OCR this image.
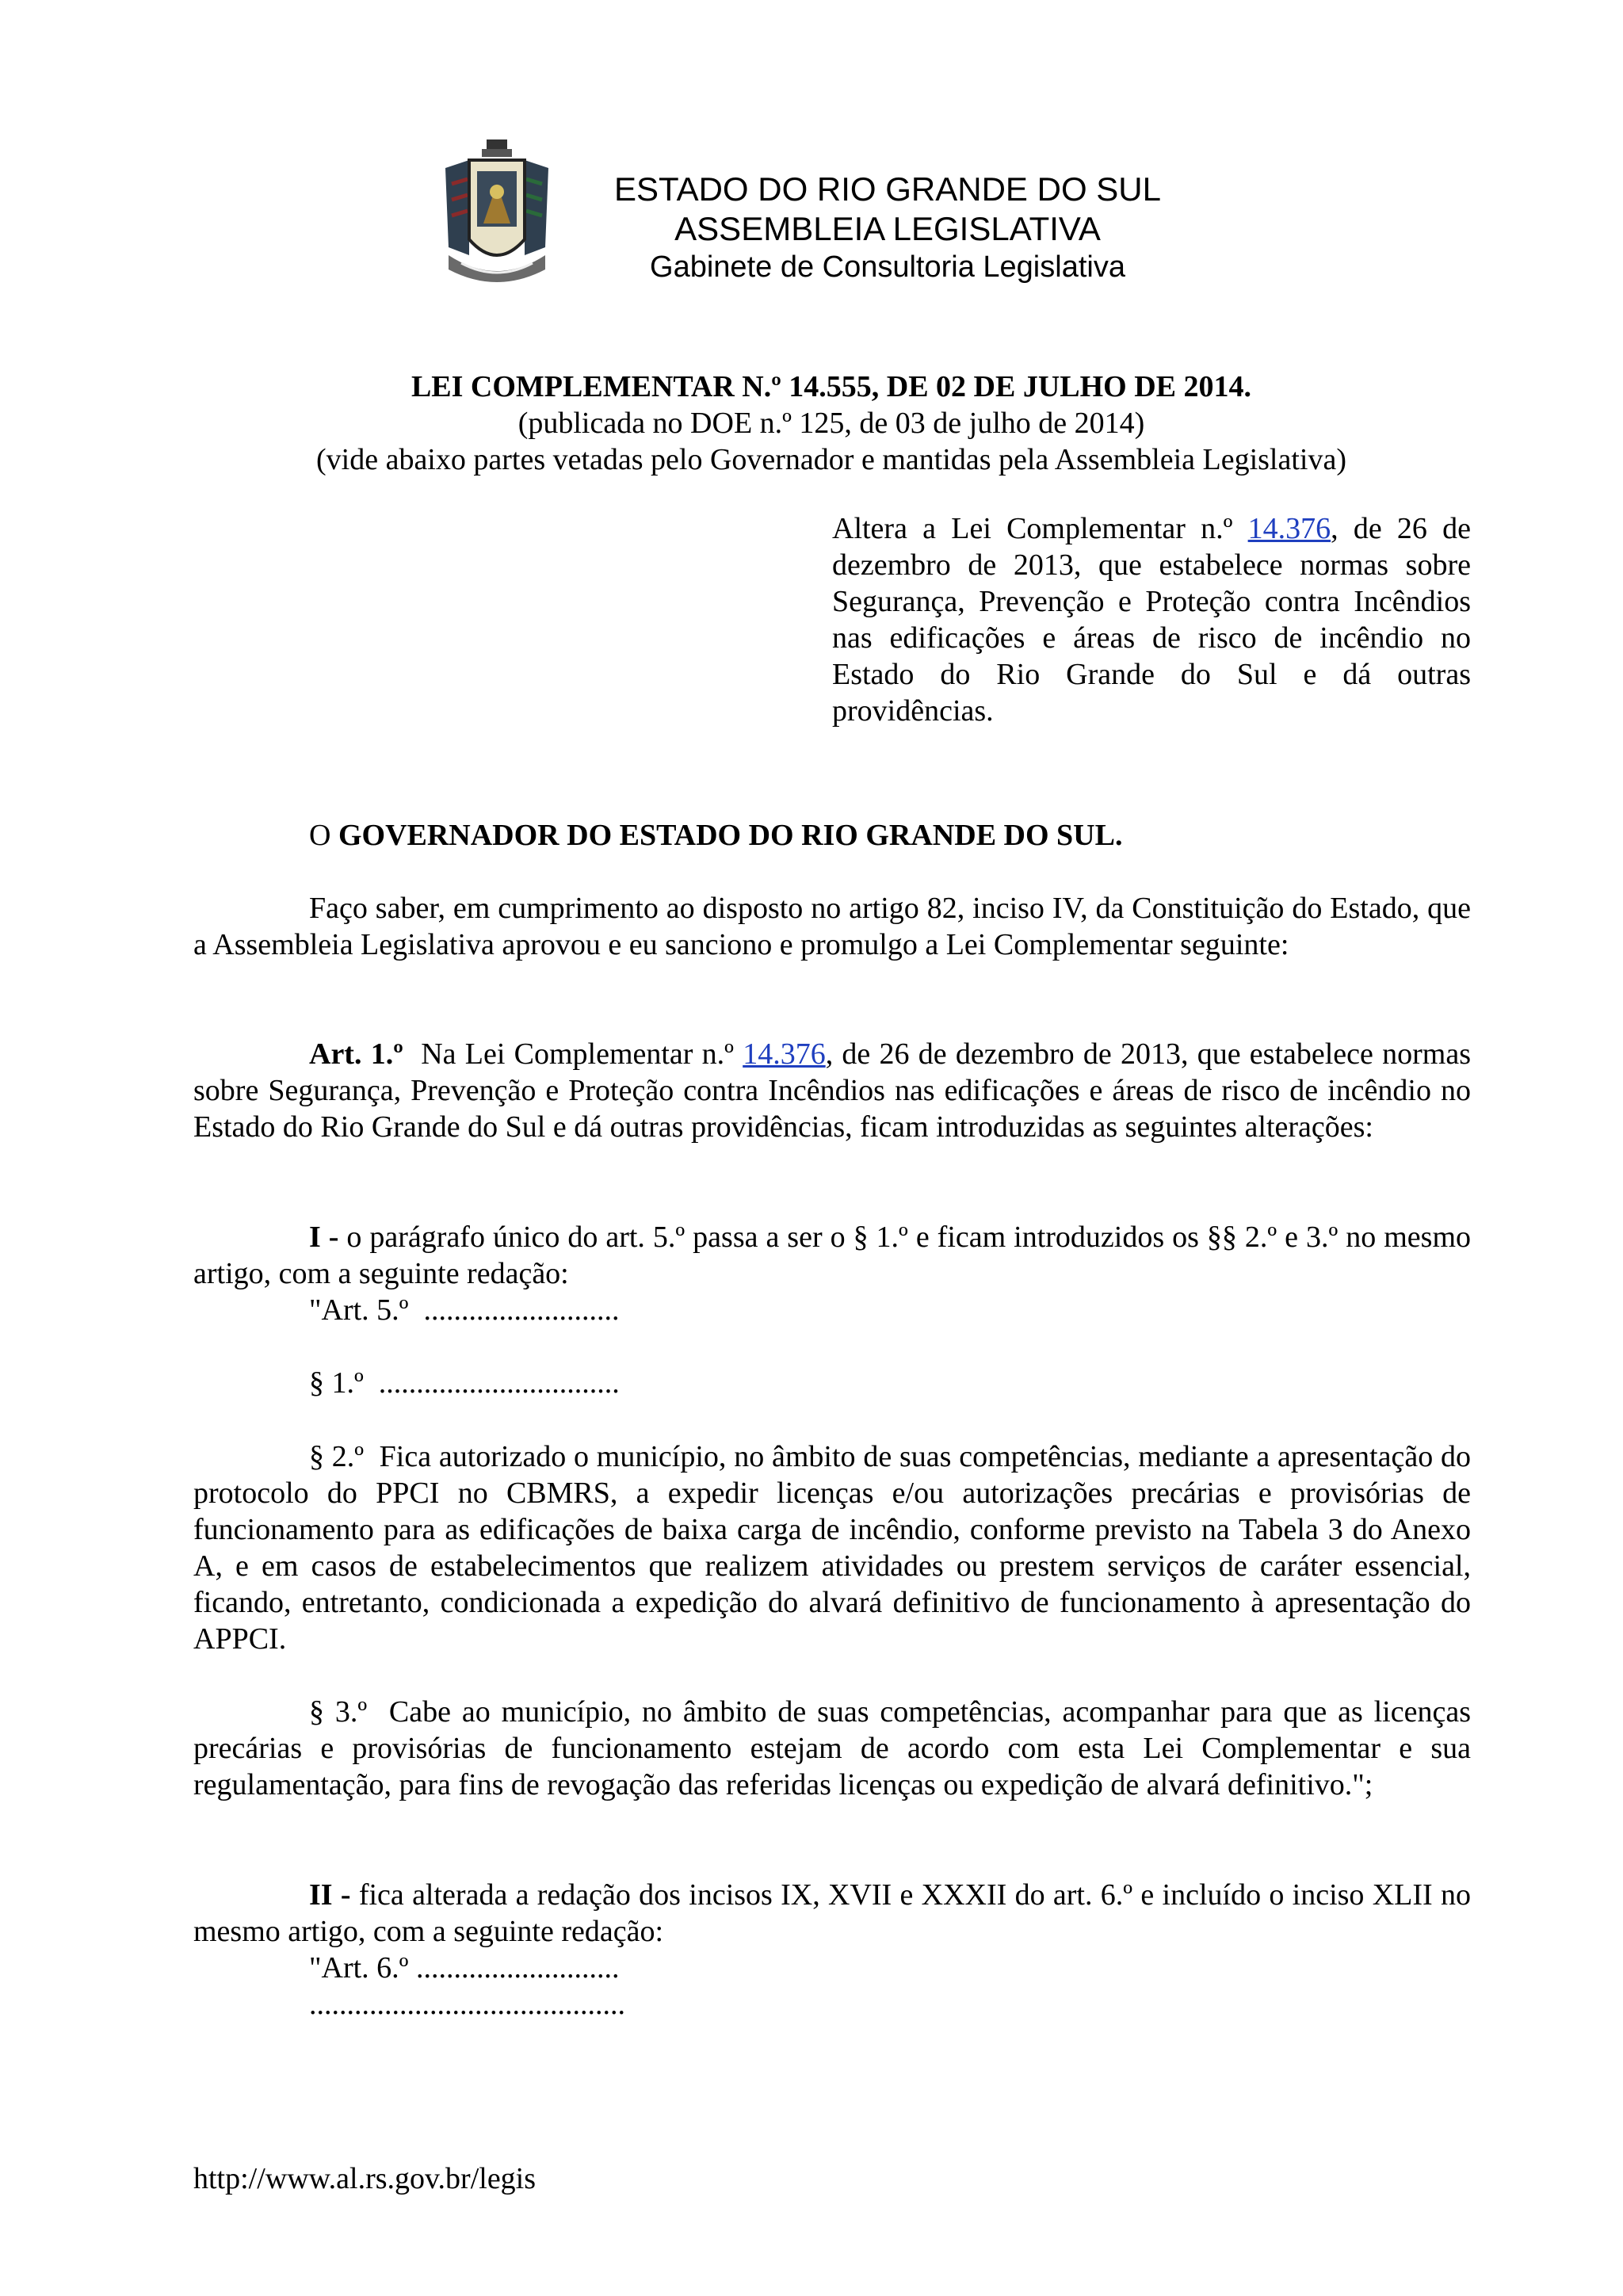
ESTADO DO RIO GRANDE DO SUL
ASSEMBLEIA LEGISLATIVA
Gabinete de Consultoria Legislativa
LEI COMPLEMENTAR N.º 14.555, DE 02 DE JULHO DE 2014.
(publicada no DOE n.º 125, de 03 de julho de 2014)
(vide abaixo partes vetadas pelo Governador e mantidas pela Assembleia Legislativa)
Altera a Lei Complementar n.º 14.376, de 26 de dezembro de 2013, que estabelece normas sobre Segurança, Prevenção e Proteção contra Incêndios nas edificações e áreas de risco de incêndio no Estado do Rio Grande do Sul e dá outras providências.
O GOVERNADOR DO ESTADO DO RIO GRANDE DO SUL.
Faço saber, em cumprimento ao disposto no artigo 82, inciso IV, da Constituição do Estado, que a Assembleia Legislativa aprovou e eu sanciono e promulgo a Lei Complementar seguinte:
Art. 1.º  Na Lei Complementar n.º 14.376, de 26 de dezembro de 2013, que estabelece normas sobre Segurança, Prevenção e Proteção contra Incêndios nas edificações e áreas de risco de incêndio no Estado do Rio Grande do Sul e dá outras providências, ficam introduzidas as seguintes alterações:
I - o parágrafo único do art. 5.º passa a ser o § 1.º e ficam introduzidos os §§ 2.º e 3.º no mesmo artigo, com a seguinte redação:
"Art. 5.º  ..........................
§ 1.º  ................................
§ 2.º  Fica autorizado o município, no âmbito de suas competências, mediante a apresentação do protocolo do PPCI no CBMRS, a expedir licenças e/ou autorizações precárias e provisórias de funcionamento para as edificações de baixa carga de incêndio, conforme previsto na Tabela 3 do Anexo A, e em casos de estabelecimentos que realizem atividades ou prestem serviços de caráter essencial, ficando, entretanto, condicionada a expedição do alvará definitivo de funcionamento à apresentação do APPCI.
§ 3.º  Cabe ao município, no âmbito de suas competências, acompanhar para que as licenças precárias e provisórias de funcionamento estejam de acordo com esta Lei Complementar e sua regulamentação, para fins de revogação das referidas licenças ou expedição de alvará definitivo.";
II - fica alterada a redação dos incisos IX, XVII e XXXII do art. 6.º e incluído o inciso XLII no mesmo artigo, com a seguinte redação:
"Art. 6.º ...........................
..........................................
http://www.al.rs.gov.br/legis
